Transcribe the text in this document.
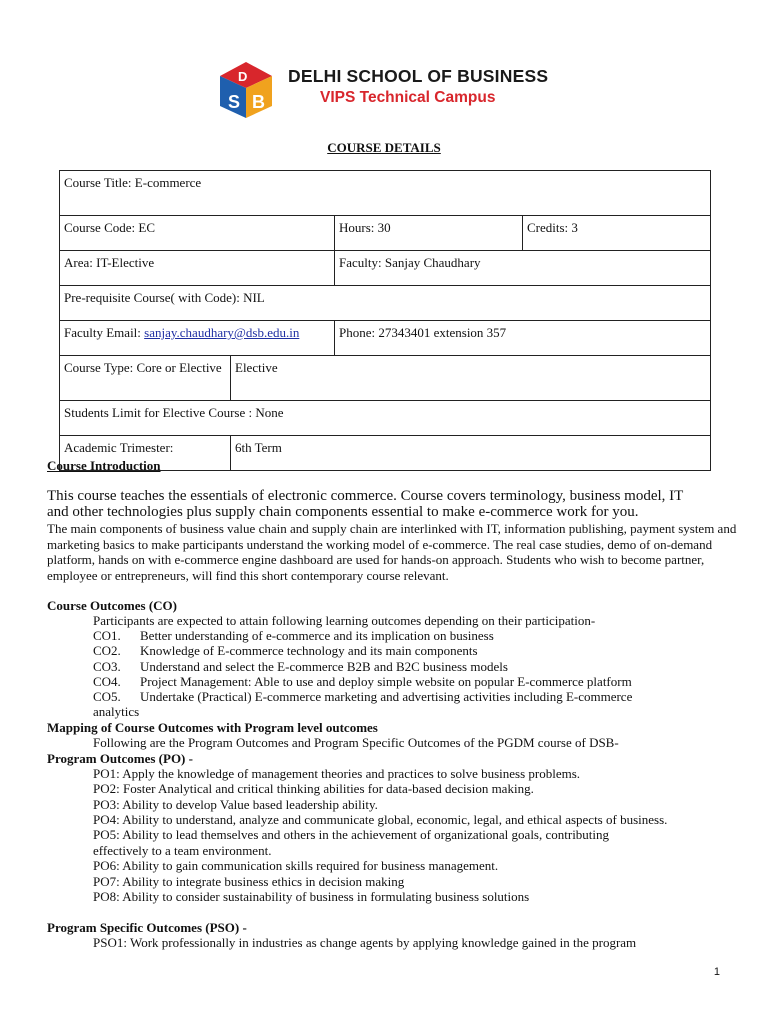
S B
D DELHI SCHOOL OF BUSINESS
VIPS Technical Campus
COURSE DETAILS
Course Title: E-commerce			
Course Code: EC		Hours: 30	Credits: 3
Area: IT-Elective		Faculty: Sanjay Chaudhary	
Pre-requisite Course( with Code): NIL			
Faculty Email: sanjay.chaudhary@dsb.edu.in		Phone: 27343401 extension 357	
Course Type: Core or Elective	Elective		
Students Limit for Elective Course : None			
Academic Trimester:	6th Term		
Course Introduction
This course teaches the essentials of electronic commerce. Course covers terminology, business model, IT
and other technologies plus supply chain components essential to make e-commerce work for you.
The main components of business value chain and supply chain are interlinked with IT, information publishing, payment system and marketing basics to make participants understand the working model of e-commerce. The real case studies, demo of on-demand platform, hands on with e-commerce engine dashboard are used for hands-on approach. Students who wish to become partner, employee or entrepreneurs, will find this short contemporary course relevant.
Course Outcomes (CO)
Participants are expected to attain following learning outcomes depending on their participation-
CO1. Better understanding of e-commerce and its implication on business
CO2. Knowledge of E-commerce technology and its main components
CO3. Understand and select the E-commerce B2B and B2C business models
CO4. Project Management: Able to use and deploy simple website on popular E-commerce platform
CO5. Undertake (Practical) E-commerce marketing and advertising activities including E-commerce
analytics
Mapping of Course Outcomes with Program level outcomes
Following are the Program Outcomes and Program Specific Outcomes of the PGDM course of DSB-
Program Outcomes (PO) -
PO1: Apply the knowledge of management theories and practices to solve business problems.
PO2: Foster Analytical and critical thinking abilities for data-based decision making.
PO3: Ability to develop Value based leadership ability.
PO4: Ability to understand, analyze and communicate global, economic, legal, and ethical aspects of business.
PO5: Ability to lead themselves and others in the achievement of organizational goals, contributing
effectively to a team environment.
PO6: Ability to gain communication skills required for business management.
PO7: Ability to integrate business ethics in decision making
PO8: Ability to consider sustainability of business in formulating business solutions
Program Specific Outcomes (PSO) -
PSO1: Work professionally in industries as change agents by applying knowledge gained in the program
1
